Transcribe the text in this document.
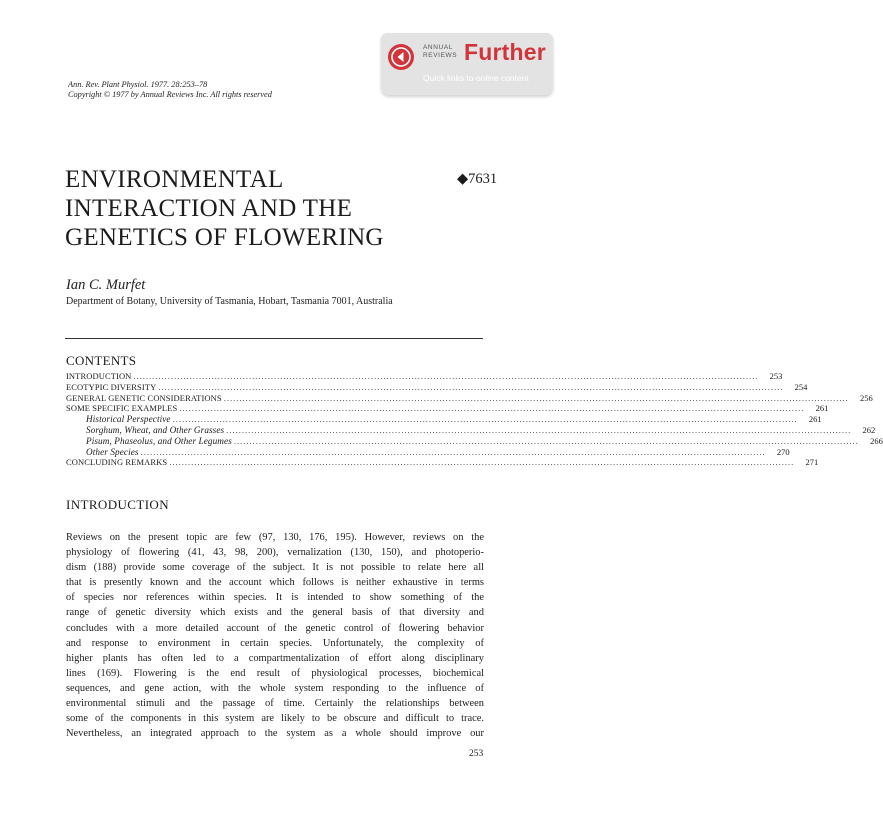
ANNUAL
REVIEWS Further
Quick links to online content
Ann. Rev. Plant Physiol. 1977. 28:253–78
Copyright © 1977 by Annual Reviews Inc. All rights reserved
ENVIRONMENTAL
INTERACTION AND THE
GENETICS OF FLOWERING
◆7631
Ian C. Murfet
Department of Botany, University of Tasmania, Hobart, Tasmania 7001, Australia
CONTENTS
INTRODUCTION ........................................................................................................................................................................................................	253
ECOTYPIC DIVERSITY ........................................................................................................................................................................................................	254
GENERAL GENETIC CONSIDERATIONS ........................................................................................................................................................................................................	256
SOME SPECIFIC EXAMPLES ........................................................................................................................................................................................................	261
Historical Perspective ........................................................................................................................................................................................................	261
Sorghum, Wheat, and Other Grasses ........................................................................................................................................................................................................	262
Pisum, Phaseolus, and Other Legumes ........................................................................................................................................................................................................	266
Other Species ........................................................................................................................................................................................................	270
CONCLUDING REMARKS ........................................................................................................................................................................................................	271
INTRODUCTION
Reviews on the present topic are few (97, 130, 176, 195). However, reviews on the
physiology of flowering (41, 43, 98, 200), vernalization (130, 150), and photoperio-
dism (188) provide some coverage of the subject. It is not possible to relate here all
that is presently known and the account which follows is neither exhaustive in terms
of species nor references within species. It is intended to show something of the
range of genetic diversity which exists and the general basis of that diversity and
concludes with a more detailed account of the genetic control of flowering behavior
and response to environment in certain species. Unfortunately, the complexity of
higher plants has often led to a compartmentalization of effort along disciplinary
lines (169). Flowering is the end result of physiological processes, biochemical
sequences, and gene action, with the whole system responding to the influence of
environmental stimuli and the passage of time. Certainly the relationships between
some of the components in this system are likely to be obscure and difficult to trace.
Nevertheless, an integrated approach to the system as a whole should improve our
253
